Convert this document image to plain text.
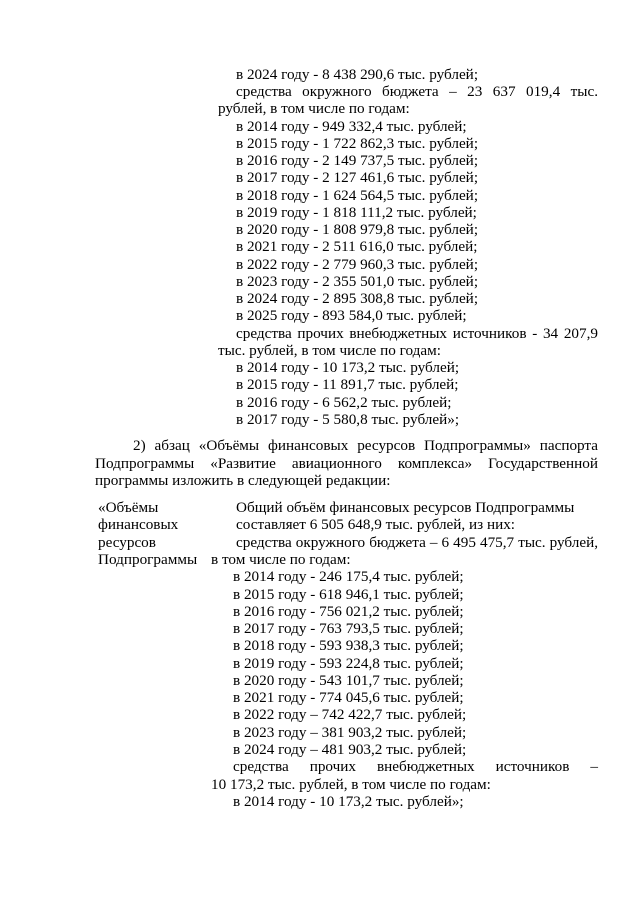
в 2024 году - 8 438 290,6 тыс. рублей;
средства окружного бюджета – 23 637 019,4 тыс.
рублей, в том числе по годам:
в 2014 году - 949 332,4 тыс. рублей;
в 2015 году - 1 722 862,3 тыс. рублей;
в 2016 году - 2 149 737,5 тыс. рублей;
в 2017 году - 2 127 461,6 тыс. рублей;
в 2018 году - 1 624 564,5 тыс. рублей;
в 2019 году - 1 818 111,2 тыс. рублей;
в 2020 году - 1 808 979,8 тыс. рублей;
в 2021 году - 2 511 616,0 тыс. рублей;
в 2022 году - 2 779 960,3 тыс. рублей;
в 2023 году - 2 355 501,0 тыс. рублей;
в 2024 году - 2 895 308,8 тыс. рублей;
в 2025 году - 893 584,0 тыс. рублей;
средства прочих внебюджетных источников - 34 207,9
тыс. рублей, в том числе по годам:
в 2014 году - 10 173,2 тыс. рублей;
в 2015 году - 11 891,7 тыс. рублей;
в 2016 году - 6 562,2 тыс. рублей;
в 2017 году - 5 580,8 тыс. рублей»;
2) абзац «Объёмы финансовых ресурсов Подпрограммы» паспорта
Подпрограммы «Развитие авиационного комплекса» Государственной
программы изложить в следующей редакции:
«Объёмы
финансовых
ресурсов
Подпрограммы
Общий объём финансовых ресурсов Подпрограммы
составляет 6 505 648,9 тыс. рублей, из них:
средства окружного бюджета – 6 495 475,7 тыс. рублей,
в том числе по годам:
в 2014 году - 246 175,4 тыс. рублей;
в 2015 году - 618 946,1 тыс. рублей;
в 2016 году - 756 021,2 тыс. рублей;
в 2017 году - 763 793,5 тыс. рублей;
в 2018 году - 593 938,3 тыс. рублей;
в 2019 году - 593 224,8 тыс. рублей;
в 2020 году - 543 101,7 тыс. рублей;
в 2021 году - 774 045,6 тыс. рублей;
в 2022 году – 742 422,7 тыс. рублей;
в 2023 году – 381 903,2 тыс. рублей;
в 2024 году – 481 903,2 тыс. рублей;
средства прочих внебюджетных источников –
10 173,2 тыс. рублей, в том числе по годам:
в 2014 году - 10 173,2 тыс. рублей»;
